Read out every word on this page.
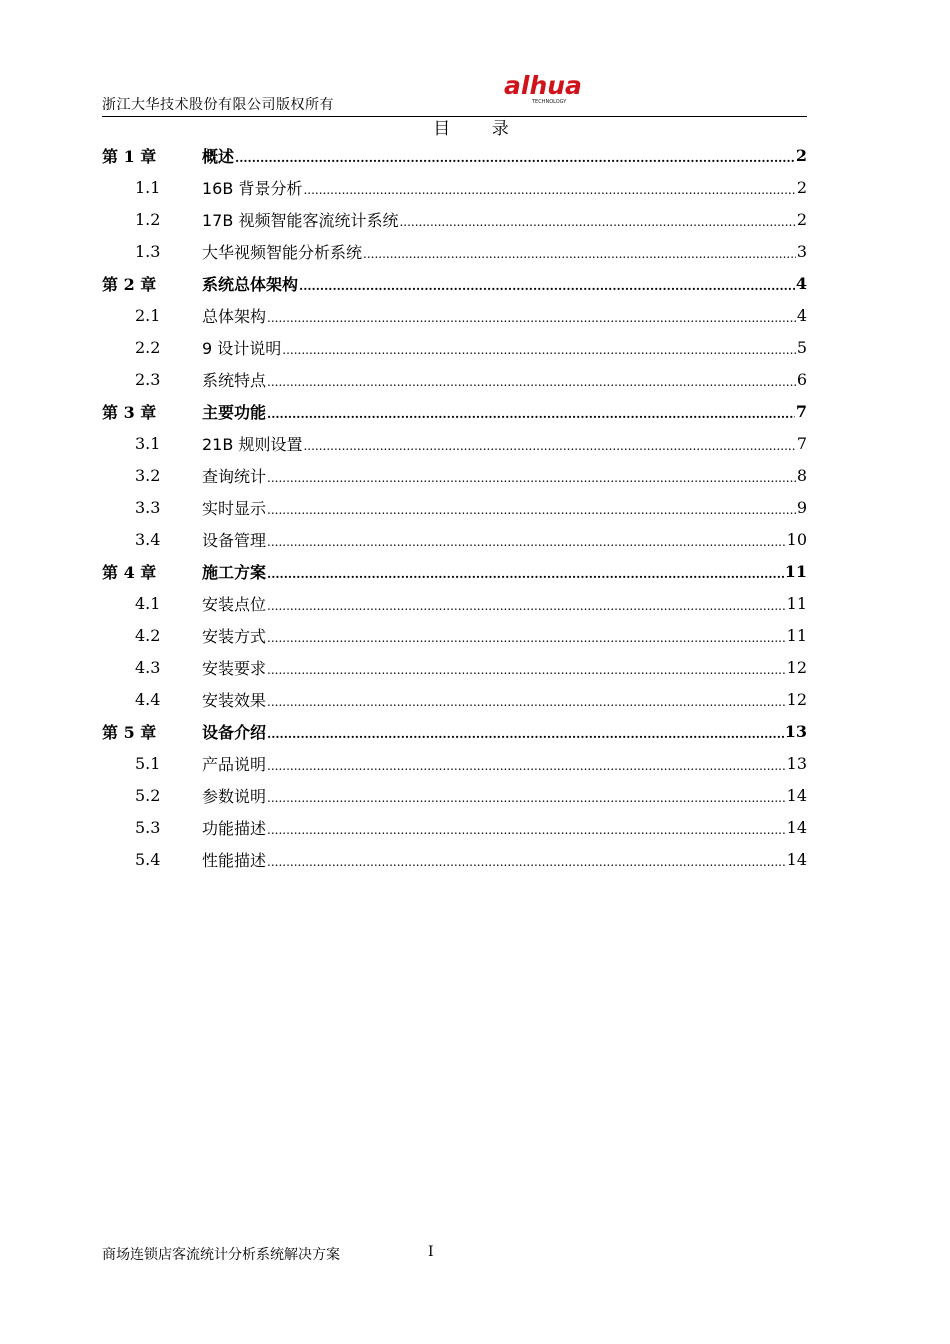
浙江大华技术股份有限公司版权所有
alhua
TECHNOLOGY
目 录
第 1 章	概述 .....	2
1.1	16B 背景分析 .....	2
1.2	17B 视频智能客流统计系统 .....	2
1.3	大华视频智能分析系统 .....	3
第 2 章	系统总体架构 .....	4
2.1	总体架构 .....	4
2.2	9 设计说明 .....	5
2.3	系统特点 .....	6
第 3 章	主要功能 .....	7
3.1	21B 规则设置 .....	7
3.2	查询统计 .....	8
3.3	实时显示 .....	9
3.4	设备管理 .....	10
第 4 章	施工方案 .....	11
4.1	安装点位 .....	11
4.2	安装方式 .....	11
4.3	安装要求 .....	12
4.4	安装效果 .....	12
第 5 章	设备介绍 .....	13
5.1	产品说明 .....	13
5.2	参数说明 .....	14
5.3	功能描述 .....	14
5.4	性能描述 .....	14
商场连锁店客流统计分析系统解决方案	I
